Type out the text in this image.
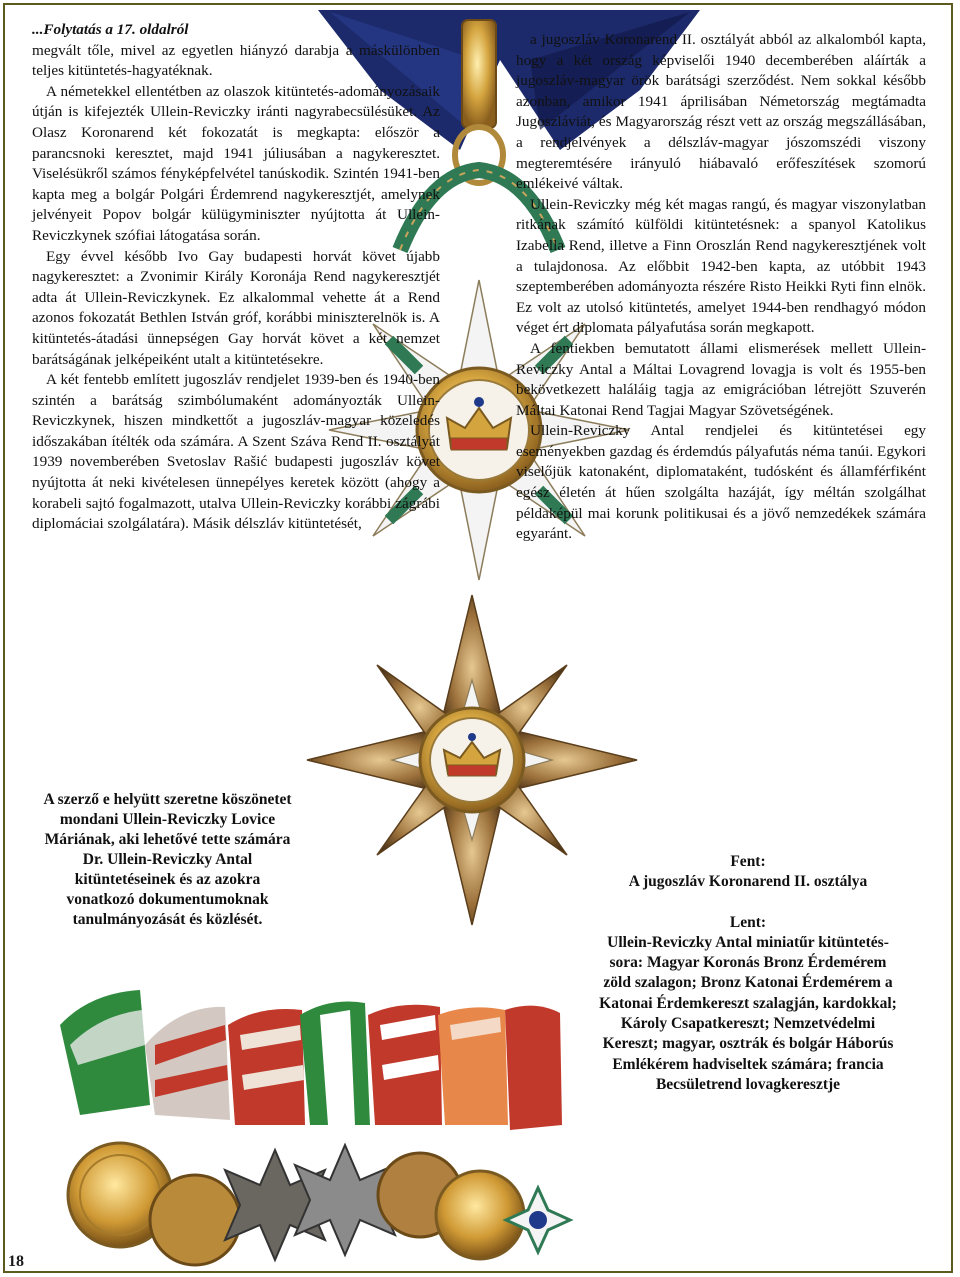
...Folytatás a 17. oldalról

megvált tőle, mivel az egyetlen hiányzó darabja a máskülönben teljes kitüntetés-hagyatéknak.

A németekkel ellentétben az olaszok kitüntetés-adományozásaik útján is kifejezték Ullein-Reviczky iránti nagyrabecsülésüket. Az Olasz Koronarend két fokozatát is megkapta: először a parancsnoki keresztet, majd 1941 júliusában a nagykeresztet. Viselésükről számos fényképfelvétel tanúskodik. Szintén 1941-ben kapta meg a bolgár Polgári Érdemrend nagykeresztjét, amelynek jelvényeit Popov bolgár külügyminiszter nyújtotta át Ullein-Reviczkynek szófiai látogatása során.

Egy évvel később Ivo Gay budapesti horvát követ újabb nagykeresztet: a Zvonimir Király Koronája Rend nagykeresztjét adta át Ullein-Reviczkynek. Ez alkalommal vehette át a Rend azonos fokozatát Bethlen István gróf, korábbi miniszterelnök is. A kitüntetés-átadási ünnepségen Gay horvát követ a két nemzet barátságának jelképeiként utalt a kitüntetésekre.

A két fentebb említett jugoszláv rendjelet 1939-ben és 1940-ben szintén a barátság szimbólumaként adományozták Ullein-Reviczkynek, hiszen mindkettőt a jugoszláv-magyar közeledés időszakában ítélték oda számára. A Szent Száva Rend II. osztályát 1939 novemberében Svetoslav Rašić budapesti jugoszláv követ nyújtotta át neki kivételesen ünnepélyes keretek között (ahogy a korabeli sajtó fogalmazott, utalva Ullein-Reviczky korábbi zágrábi diplomáciai szolgálatára). Másik délszláv kitüntetését,

a jugoszláv Koronarend II. osztályát abból az alkalomból kapta, hogy a két ország képviselői 1940 decemberében aláírták a jugoszláv-magyar örök barátsági szerződést. Nem sokkal később azonban, amikor 1941 áprilisában Németország megtámadta Jugoszláviát, és Magyarország részt vett az ország megszállásában, a rendjelvények a délszláv-magyar jószomszédi viszony megteremtésére irányuló hiábavaló erőfeszítések szomorú emlékeivé váltak.

Ullein-Reviczky még két magas rangú, és magyar viszonylatban ritkának számító külföldi kitüntetésnek: a spanyol Katolikus Izabella Rend, illetve a Finn Oroszlán Rend nagykeresztjének volt a tulajdonosa. Az előbbit 1942-ben kapta, az utóbbit 1943 szeptemberében adományozta részére Risto Heikki Ryti finn elnök. Ez volt az utolsó kitüntetés, amelyet 1944-ben rendhagyó módon véget ért diplomata pályafutása során megkapott.

A fentiekben bemutatott állami elismerések mellett Ullein-Reviczky Antal a Máltai Lovagrend lovagja is volt és 1955-ben bekövetkezett haláláig tagja az emigrációban létrejött Szuverén Máltai Katonai Rend Tagjai Magyar Szövetségének.

Ullein-Reviczky Antal rendjelei és kitüntetései egy eseményekben gazdag és érdemdús pályafutás néma tanúi. Egykori viselőjük katonaként, diplomataként, tudósként és államférfiként egész életén át hűen szolgálta hazáját, így méltán szolgálhat példaképül mai korunk politikusai és a jövő nemzedékek számára egyaránt.

A szerző e helyütt szeretne köszönetet mondani Ullein-Reviczky Lovice Máriának, aki lehetővé tette számára Dr. Ullein-Reviczky Antal kitüntetéseinek és az azokra vonatkozó dokumentumoknak tanulmányozását és közlését.

Fent:

A jugoszláv Koronarend II. osztálya

Lent:

Ullein-Reviczky Antal miniatűr kitüntetés-sora: Magyar Koronás Bronz Érdemérem zöld szalagon; Bronz Katonai Érdemérem a Katonai Érdemkereszt szalagján, kardokkal; Károly Csapatkereszt; Nemzetvédelmi Kereszt; magyar, osztrák és bolgár Háborús Emlékérem hadviseltek számára; francia Becsületrend lovagkeresztje

18
